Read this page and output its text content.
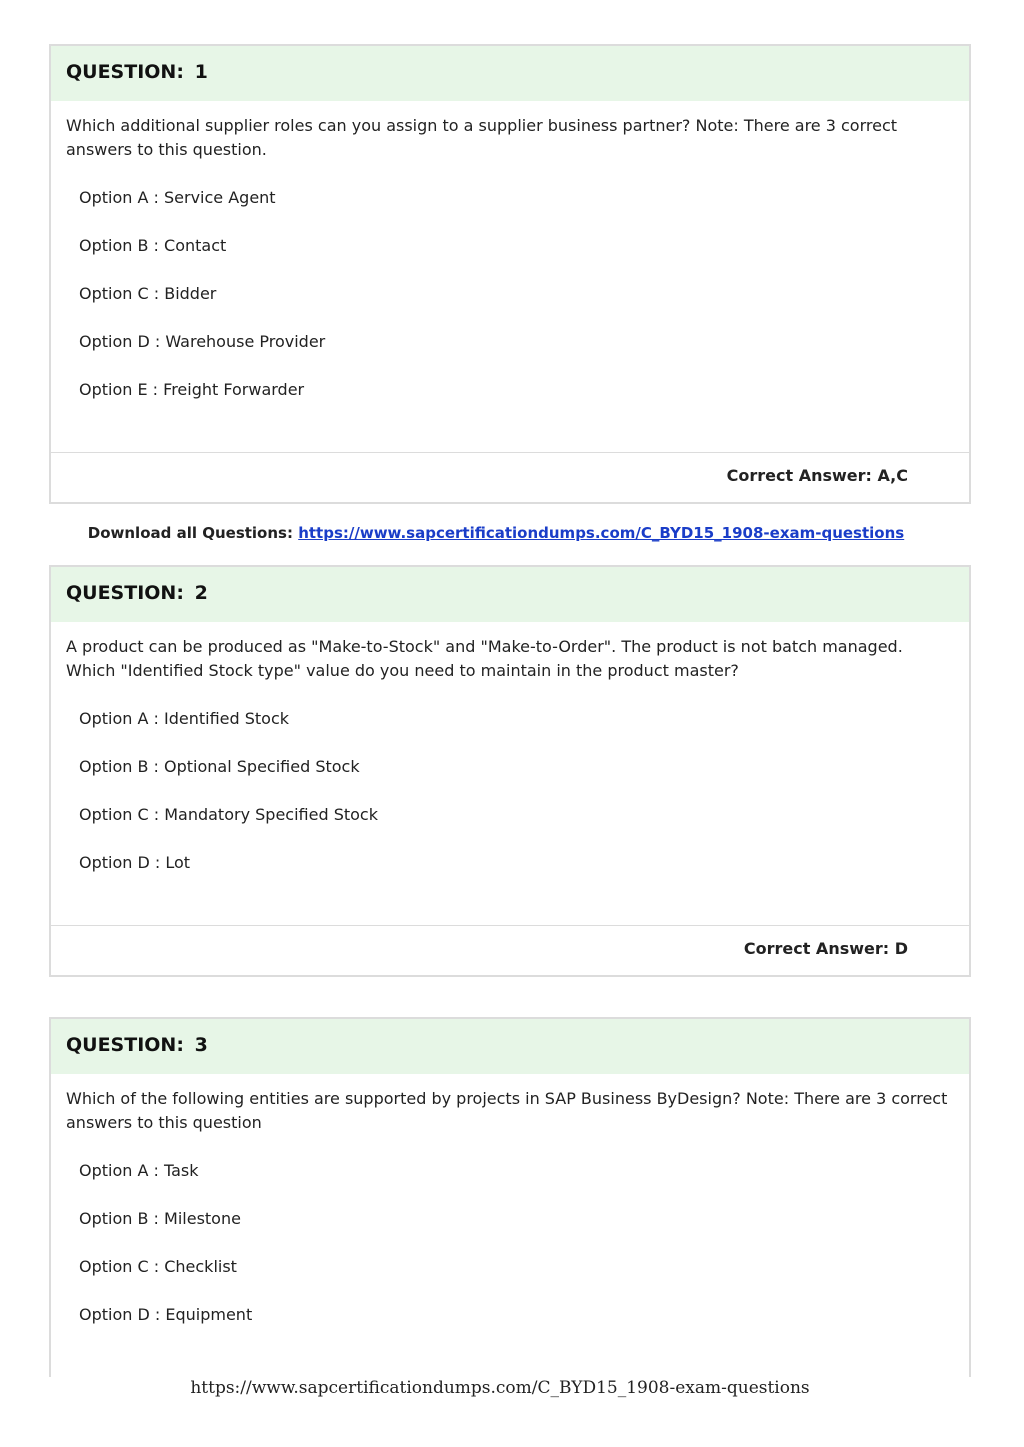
QUESTION: 1

Which additional supplier roles can you assign to a supplier business partner? Note: There are 3 correct answers to this question.

Option A : Service Agent
Option B : Contact
Option C : Bidder
Option D : Warehouse Provider
Option E : Freight Forwarder
Correct Answer: A,C
Download all Questions: https://www.sapcertificationdumps.com/C_BYD15_1908-exam-questions
QUESTION: 2

A product can be produced as "Make-to-Stock" and "Make-to-Order". The product is not batch managed. Which "Identified Stock type" value do you need to maintain in the product master?

Option A : Identified Stock
Option B : Optional Specified Stock
Option C : Mandatory Specified Stock
Option D : Lot
Correct Answer: D
QUESTION: 3

Which of the following entities are supported by projects in SAP Business ByDesign? Note: There are 3 correct answers to this question

Option A : Task
Option B : Milestone
Option C : Checklist
Option D : Equipment
https://www.sapcertificationdumps.com/C_BYD15_1908-exam-questions
